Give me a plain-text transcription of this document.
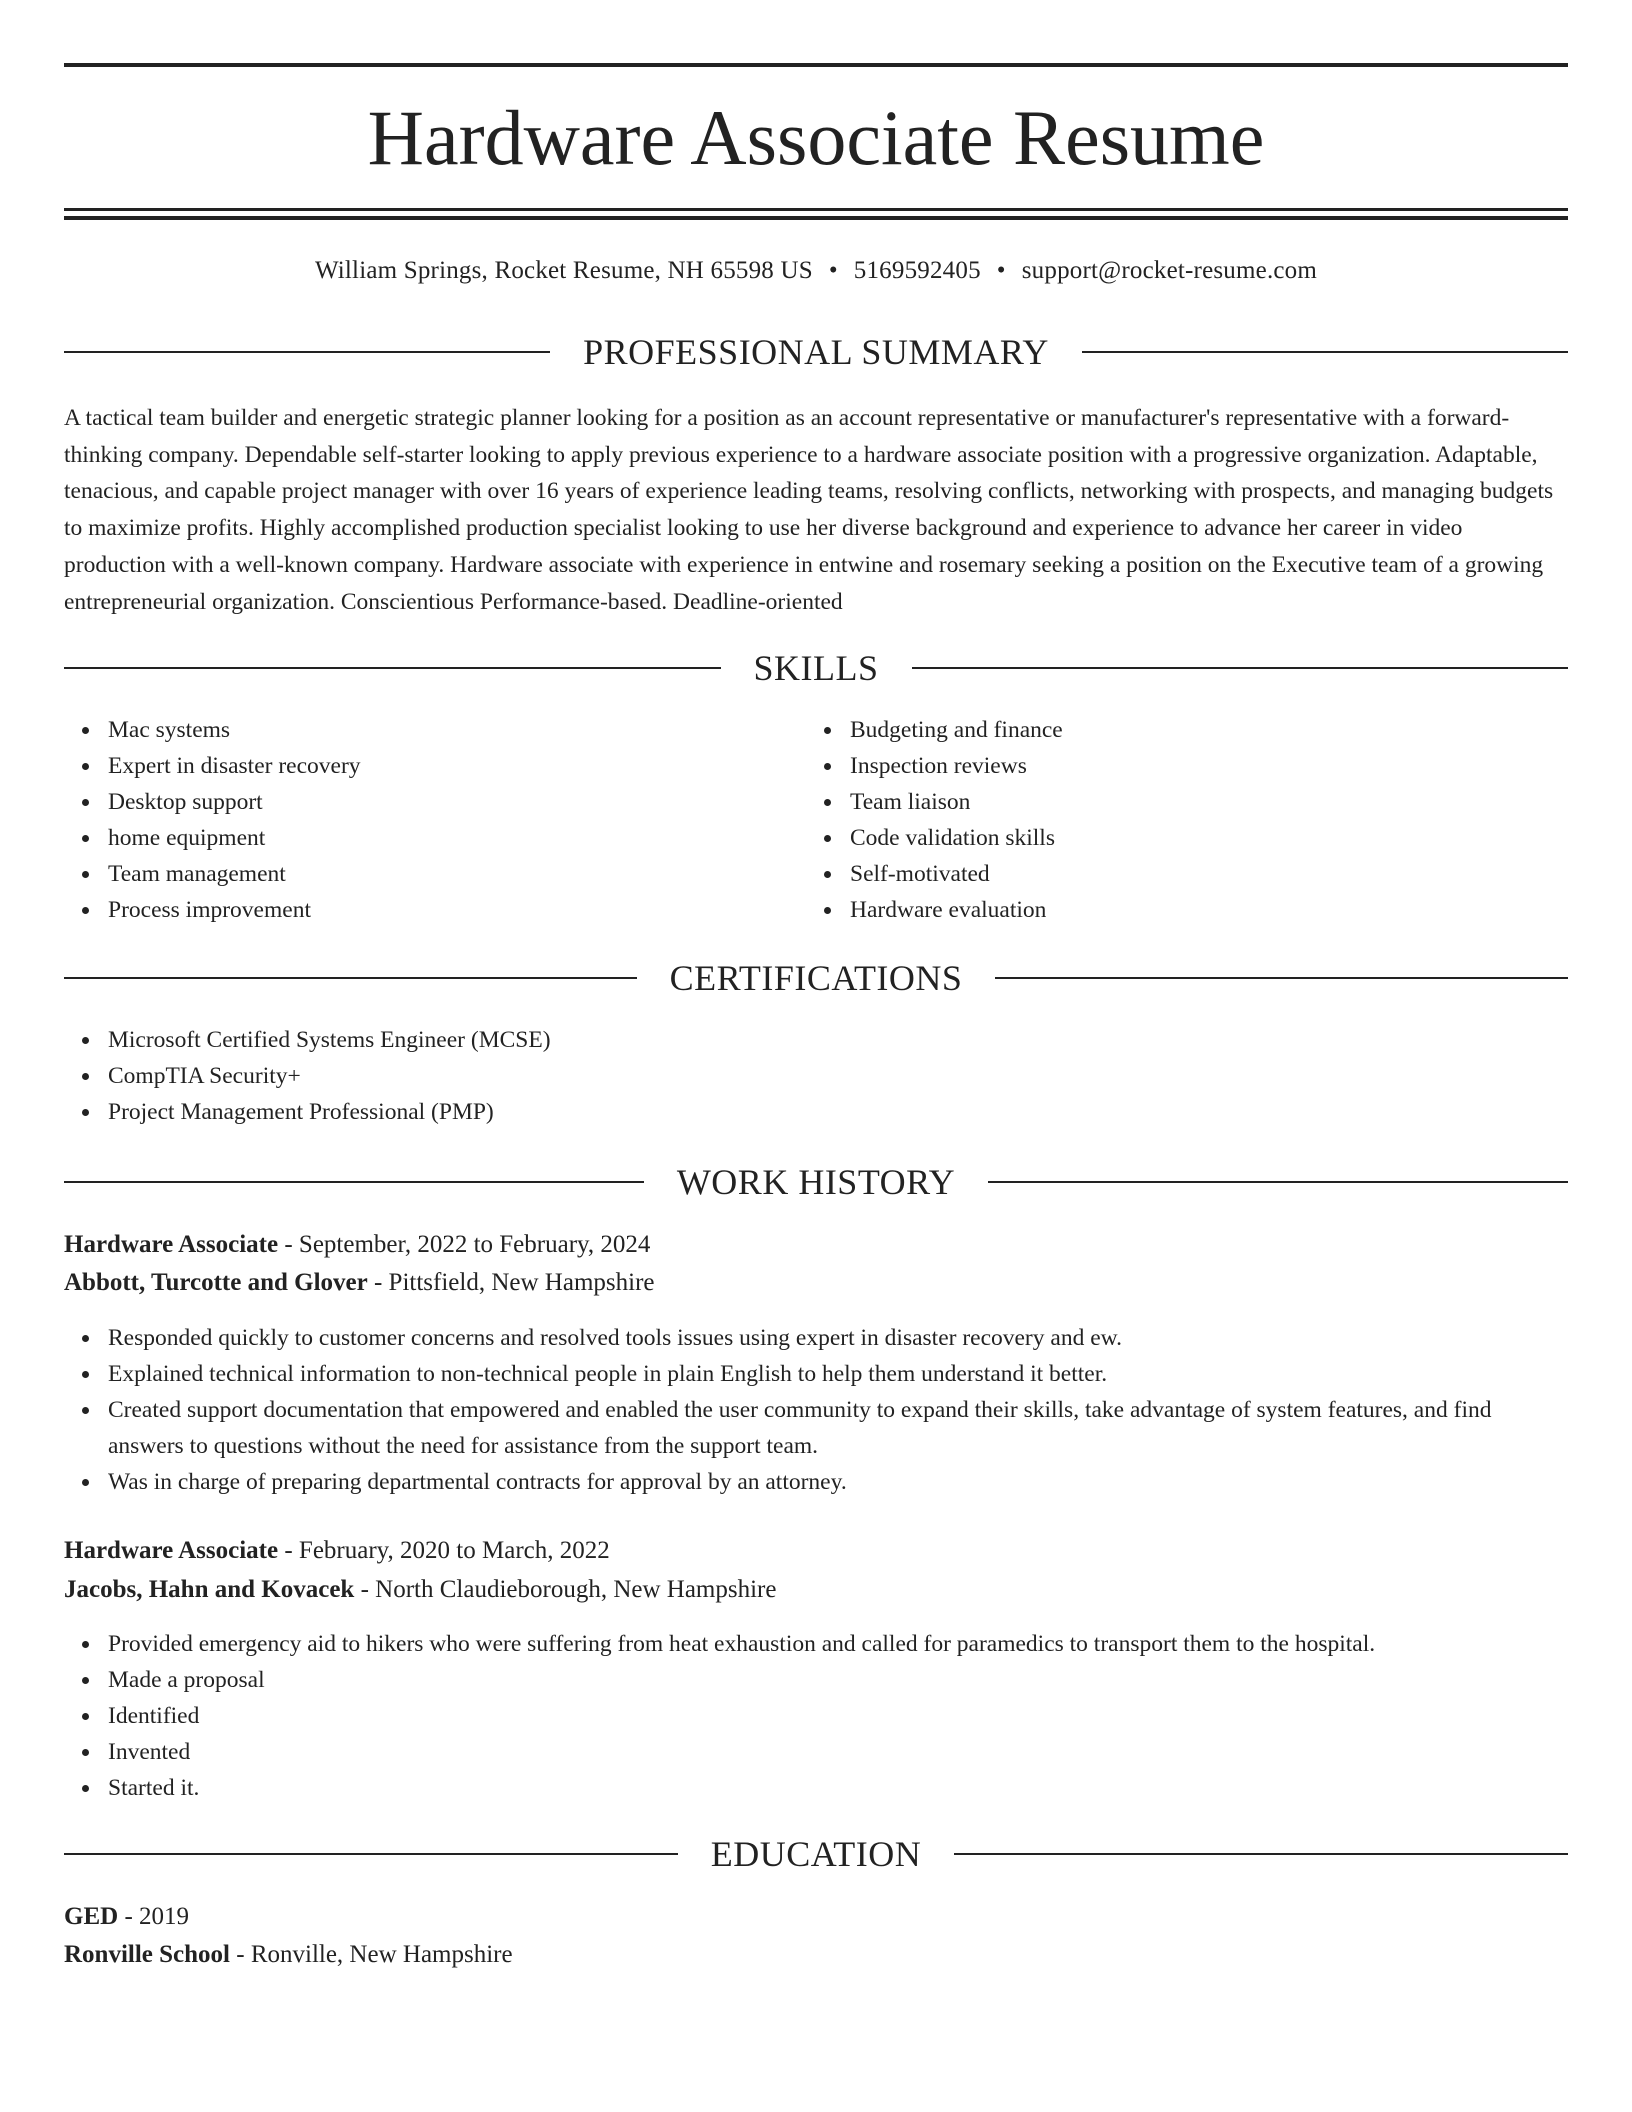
Hardware Associate Resume
William Springs, Rocket Resume, NH 65598 US • 5169592405 • support@rocket-resume.com
PROFESSIONAL SUMMARY

A tactical team builder and energetic strategic planner looking for a position as an account representative or manufacturer's representative with a forward-thinking company. Dependable self-starter looking to apply previous experience to a hardware associate position with a progressive organization. Adaptable, tenacious, and capable project manager with over 16 years of experience leading teams, resolving conflicts, networking with prospects, and managing budgets to maximize profits. Highly accomplished production specialist looking to use her diverse background and experience to advance her career in video production with a well-known company. Hardware associate with experience in entwine and rosemary seeking a position on the Executive team of a growing entrepreneurial organization. Conscientious Performance-based. Deadline-oriented

SKILLS
Mac systems
Expert in disaster recovery
Desktop support
home equipment
Team management
Process improvement
Budgeting and finance
Inspection reviews
Team liaison
Code validation skills
Self-motivated
Hardware evaluation
CERTIFICATIONS
Microsoft Certified Systems Engineer (MCSE)
CompTIA Security+
Project Management Professional (PMP)
WORK HISTORY
Hardware Associate - September, 2022 to February, 2024
Abbott, Turcotte and Glover - Pittsfield, New Hampshire
Responded quickly to customer concerns and resolved tools issues using expert in disaster recovery and ew.
Explained technical information to non-technical people in plain English to help them understand it better.
Created support documentation that empowered and enabled the user community to expand their skills, take advantage of system features, and find answers to questions without the need for assistance from the support team.
Was in charge of preparing departmental contracts for approval by an attorney.
Hardware Associate - February, 2020 to March, 2022
Jacobs, Hahn and Kovacek - North Claudieborough, New Hampshire
Provided emergency aid to hikers who were suffering from heat exhaustion and called for paramedics to transport them to the hospital.
Made a proposal
Identified
Invented
Started it.
EDUCATION
GED - 2019
Ronville School - Ronville, New Hampshire
